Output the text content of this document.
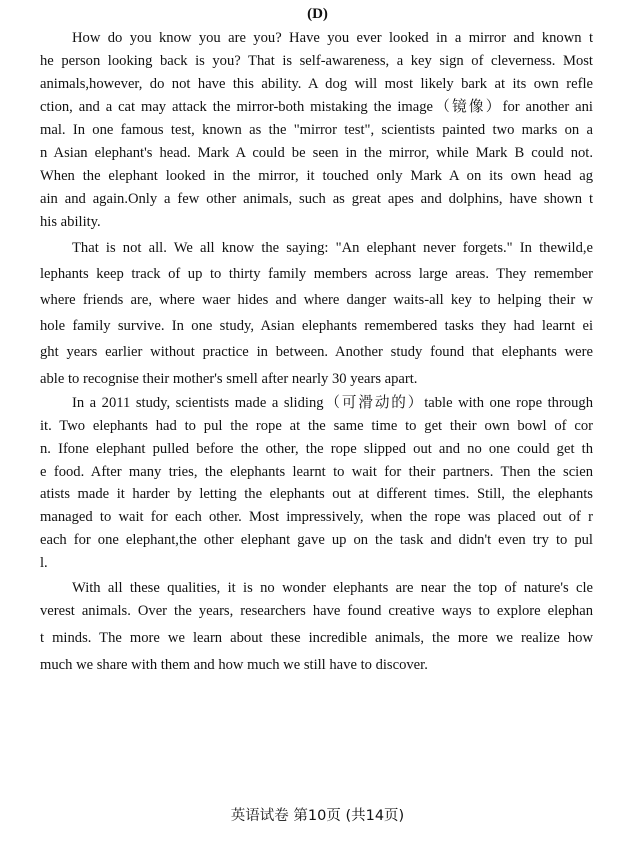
(D)
How do you know you are you? Have you ever looked in a mirror and known t
he person looking back is you? That is self-awareness, a key sign of cleverness. Most
animals,however, do not have this ability. A dog will most likely bark at its own refle
ction, and a cat may attack the mirror-both mistaking the image（镜像）for another ani
mal. In one famous test, known as the "mirror test", scientists painted two marks on a
n Asian elephant's head. Mark A could be seen in the mirror, while Mark B could not.
When the elephant looked in the mirror, it touched only Mark A on its own head ag
ain and again.Only a few other animals, such as great apes and dolphins, have shown t
his ability.
That is not all. We all know the saying: "An elephant never forgets." In thewild,e
lephants keep track of up to thirty family members across large areas. They remember
where friends are, where waer hides and where danger waits-all key to helping their w
hole family survive. In one study, Asian elephants remembered tasks they had learnt ei
ght years earlier without practice in between. Another study found that elephants were
able to recognise their mother's smell after nearly 30 years apart.
In a 2011 study, scientists made a sliding（可滑动的）table with one rope through
it. Two elephants had to pul the rope at the same time to get their own bowl of cor
n. Ifone elephant pulled before the other, the rope slipped out and no one could get th
e food. After many tries, the elephants learnt to wait for their partners. Then the scien
atists made it harder by letting the elephants out at different times. Still, the elephants
managed to wait for each other. Most impressively, when the rope was placed out of r
each for one elephant,the other elephant gave up on the task and didn't even try to pul
l.
With all these qualities, it is no wonder elephants are near the top of nature's cle
verest animals. Over the years, researchers have found creative ways to explore elephan
t minds. The more we learn about these incredible animals, the more we realize how
much we share with them and how much we still have to discover.
英语试卷 第10页 (共14页)
